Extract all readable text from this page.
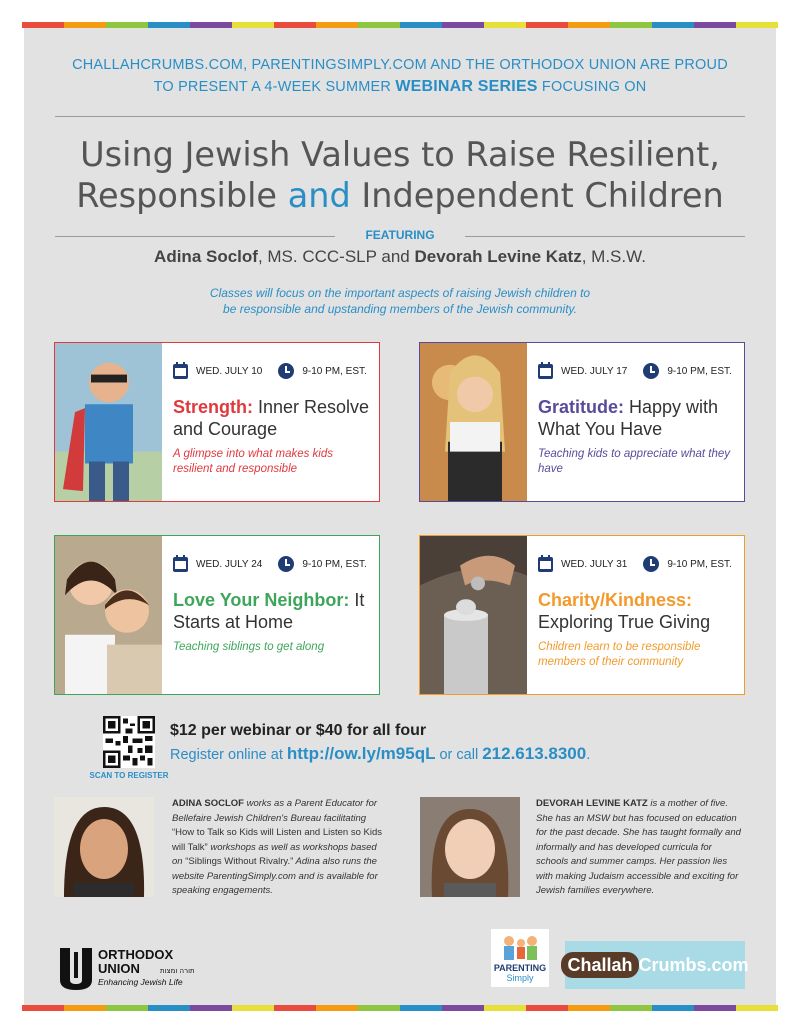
CHALLAHCRUMBS.COM, PARENTINGSIMPLY.COM AND THE ORTHODOX UNION ARE PROUD
TO PRESENT A 4-WEEK SUMMER WEBINAR SERIES FOCUSING ON
Using Jewish Values to Raise Resilient,
Responsible and Independent Children
FEATURING
Adina Soclof, MS. CCC-SLP and Devorah Levine Katz, M.S.W.
Classes will focus on the important aspects of raising Jewish children to
be responsible and upstanding members of the Jewish community.
WED. JULY 10	9-10 PM, EST.
Strength: Inner Resolve and Courage
A glimpse into what makes kids resilient and responsible
WED. JULY 17	9-10 PM, EST.
Gratitude: Happy with What You Have
Teaching kids to appreciate what they have
WED. JULY 24	9-10 PM, EST.
Love Your Neighbor: It Starts at Home
Teaching siblings to get along
WED. JULY 31	9-10 PM, EST.
Charity/Kindness: Exploring True Giving
Children learn to be responsible members of their community
SCAN TO REGISTER
$12 per webinar or $40 for all four
Register online at http://ow.ly/m95qL or call 212.613.8300.
ADINA SOCLOF works as a Parent Educator for Bellefaire Jewish Children's Bureau facilitating “How to Talk so Kids will Listen and Listen so Kids will Talk” workshops as well as workshops based on “Siblings Without Rivalry.” Adina also runs the website ParentingSimply.com and is available for speaking engagements.
DEVORAH LEVINE KATZ is a mother of five. She has an MSW but has focused on education for the past decade. She has taught formally and informally and has developed curricula for schools and summer camps. Her passion lies with making Judaism accessible and exciting for Jewish families everywhere.
ORTHODOX
UNION	תורה ומצות
Enhancing Jewish Life
PARENTING
Simply
Challah Crumbs.com
